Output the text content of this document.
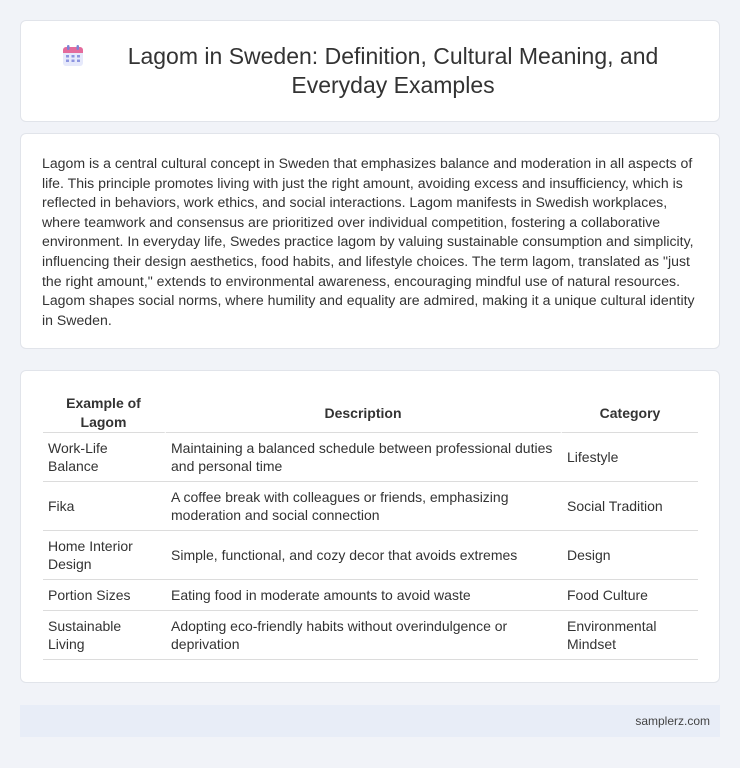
Lagom in Sweden: Definition, Cultural Meaning, and Everyday Examples

Lagom is a central cultural concept in Sweden that emphasizes balance and moderation in all aspects of life. This principle promotes living with just the right amount, avoiding excess and insufficiency, which is reflected in behaviors, work ethics, and social interactions. Lagom manifests in Swedish workplaces, where teamwork and consensus are prioritized over individual competition, fostering a collaborative environment. In everyday life, Swedes practice lagom by valuing sustainable consumption and simplicity, influencing their design aesthetics, food habits, and lifestyle choices. The term lagom, translated as "just the right amount," extends to environmental awareness, encouraging mindful use of natural resources. Lagom shapes social norms, where humility and equality are admired, making it a unique cultural identity in Sweden.

Example of Lagom	Description	Category
Work-Life Balance	Maintaining a balanced schedule between professional duties and personal time	Lifestyle
Fika	A coffee break with colleagues or friends, emphasizing moderation and social connection	Social Tradition
Home Interior Design	Simple, functional, and cozy decor that avoids extremes	Design
Portion Sizes	Eating food in moderate amounts to avoid waste	Food Culture
Sustainable Living	Adopting eco-friendly habits without overindulgence or deprivation	Environmental Mindset
samplerz.com
